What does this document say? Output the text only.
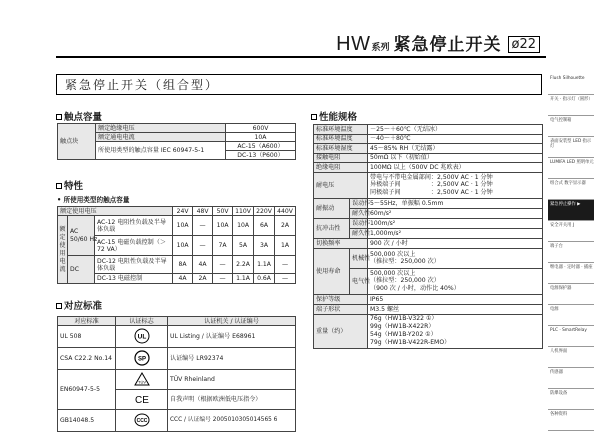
HW 系列 紧急停止开关 ø22
紧急停止开关（组合型）	Flush Silhouette
开关 · 指示灯（圆形）
电气控制箱
表面安装型 LED 指示灯
LUMIFA LED 照明单元
组合式 数字显示器
紧急停止操作 ▶
安全开关用 J
端子台
继电器 · 定时器 · 插座
电源保护器
电源
PLC · SmartRelay
人机界面
传感器
防爆设备
各种资料
触点容量
触点块	额定绝缘电压	600V
	额定通电电流	10A
	所使用类型的触点容量 IEC 60947-5-1	AC-15（A600）
		DC-13（P600）
特性
• 所使用类型的触点容量
额定使用电压			24V	48V	50V	110V	220V	440V
额定使用电流	AC
50/60 Hz	AC-12 电阻性负载及半导体负载	10A	—	10A	10A	6A	2A
		AC-15 电磁负载控制（＞72 VA）	10A	—	7A	5A	3A	1A
	DC	DC-12 电阻性负载及半导体负载	8A	4A	—	2.2A	1.1A	—
		DC-13 电磁控制	4A	2A	—	1.1A	0.6A	—
对应标准
对应标准	认证标志	认证机关 / 认证编号
UL 508	UL	UL Listing / 认证编号 E68961
CSA C22.2 No.14	SP	认证编号 LR92374
EN60947-5-5	TÜV	TÜV Rheinland

CE	自我声明（根据欧洲低电压指令）
GB14048.5	CCC	CCC / 认证编号 2005010305014565 6
性能规格
标准环境温度		－25～＋60℃（无结冰）
标准环境温度		－40～＋80℃
标准环境湿度		45～85% RH（无结露）
接触电阻		50mΩ 以下（初始值）
绝缘电阻		100MΩ 以上（500V DC 兆欧表）
耐电压		带电与不带电金属部间：2,500V AC · 1 分钟
异极端子间　　　　　：2,500V AC · 1 分钟
同极端子间　　　　　：2,500V AC · 1 分钟

耐振动	误动作	5～55Hz，单振幅 0.5mm
	耐久性	60m/s²
抗冲击性	误动作	100m/s²
	耐久性	1,000m/s²
切换频率		900 次 / 小时
使用寿命	机械性	500,000 次以上
（推拉型：250,000 次）

	电气性	500,000 次以上
（推拉型：250,000 次）
（900 次 / 小时，动作比 40%）

保护等级		IP65
端子形状		M3.5 螺丝
重量（约）		76g（HW1B-V322 ①）
99g（HW1B-X422R）
54g（HW1B-Y202 ①）
79g（HW1B-V422R-EMO）
